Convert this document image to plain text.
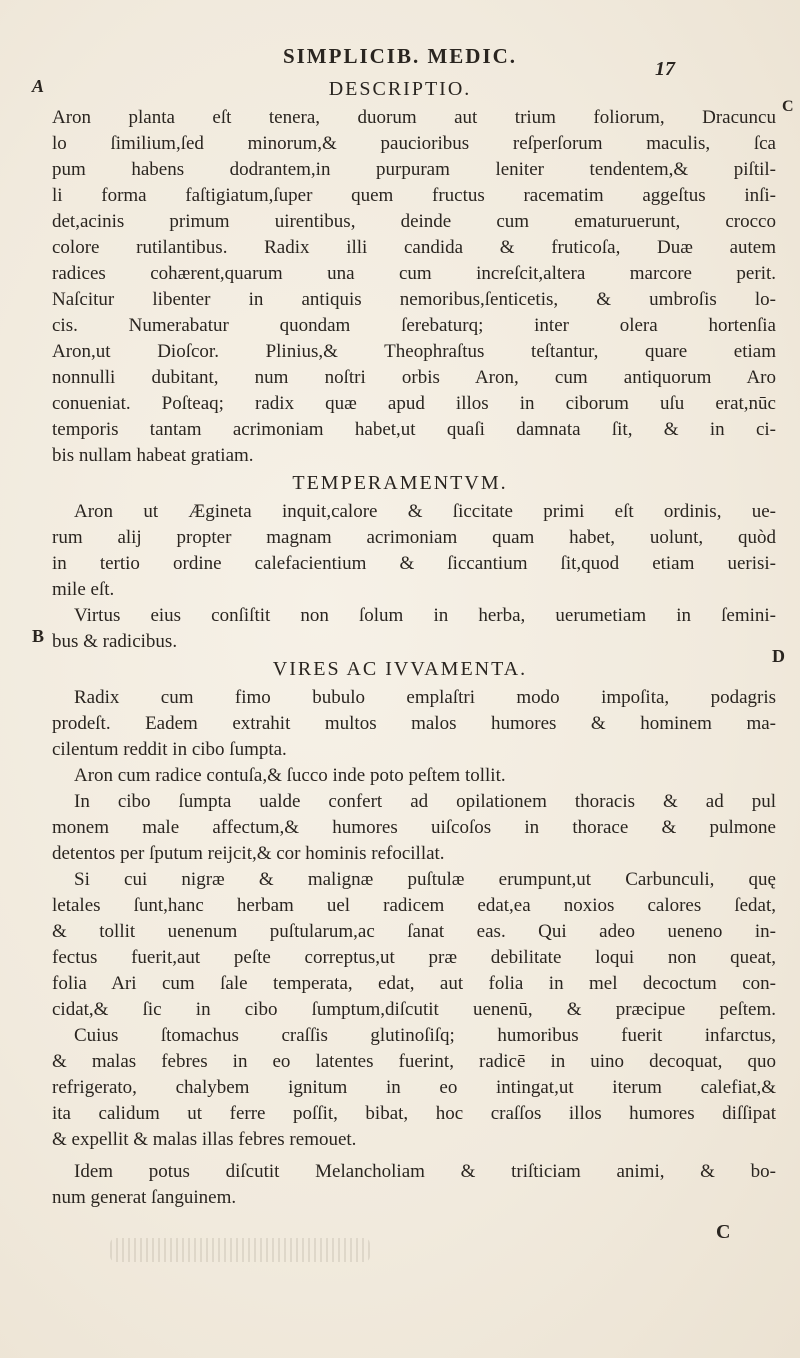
SIMPLICIB. MEDIC.
17
A
C
B
D
DESCRIPTIO.
Aron planta eſt tenera, duorum aut trium foliorum, Dracuncu
lo ſimilium,ſed minorum,& paucioribus reſperſorum maculis, ſca
pum habens dodrantem,in purpuram leniter tendentem,& piſtil-
li forma faſtigiatum,ſuper quem fructus racematim aggeſtus inſi-
det,acinis primum uirentibus, deinde cum ematuruerunt, crocco
colore rutilantibus. Radix illi candida & fruticoſa, Duæ autem
radices cohærent,quarum una cum increſcit,altera marcore perit.
Naſcitur libenter in antiquis nemoribus,ſenticetis, & umbroſis lo-
cis. Numerabatur quondam ſerebaturq; inter olera hortenſia
Aron,ut Dioſcor. Plinius,& Theophraſtus teſtantur, quare etiam
nonnulli dubitant, num noſtri orbis Aron, cum antiquorum Aro
conueniat. Poſteaq; radix quæ apud illos in ciborum uſu erat,nūc
temporis tantam acrimoniam habet,ut quaſi damnata ſit, & in ci-
bis nullam habeat gratiam.
TEMPERAMENTVM.
Aron ut Ægineta inquit,calore & ſiccitate primi eſt ordinis, ue-
rum alij propter magnam acrimoniam quam habet, uolunt, quòd
in tertio ordine calefacientium & ſiccantium ſit,quod etiam uerisi-
mile eſt.
Virtus eius conſiſtit non ſolum in herba, uerumetiam in ſemini-
bus & radicibus.
VIRES AC IVVAMENTA.
Radix cum fimo bubulo emplaſtri modo impoſita, podagris
prodeſt. Eadem extrahit multos malos humores & hominem ma-
cilentum reddit in cibo ſumpta.
Aron cum radice contuſa,& ſucco inde poto peſtem tollit.
In cibo ſumpta ualde confert ad opilationem thoracis & ad pul
monem male affectum,& humores uiſcoſos in thorace & pulmone
detentos per ſputum reijcit,& cor hominis refocillat.
Si cui nigræ & malignæ puſtulæ erumpunt,ut Carbunculi, quę
letales ſunt,hanc herbam uel radicem edat,ea noxios calores ſedat,
& tollit uenenum puſtularum,ac ſanat eas. Qui adeo ueneno in-
fectus fuerit,aut peſte correptus,ut præ debilitate loqui non queat,
folia Ari cum ſale temperata, edat, aut folia in mel decoctum con-
cidat,& ſic in cibo ſumptum,diſcutit uenenū, & præcipue peſtem.
Cuius ſtomachus craſſis glutinoſiſq; humoribus fuerit infarctus,
& malas febres in eo latentes fuerint, radicē in uino decoquat, quo
refrigerato, chalybem ignitum in eo intingat,ut iterum calefiat,&
ita calidum ut ferre poſſit, bibat, hoc craſſos illos humores diſſipat
& expellit & malas illas febres remouet.
Idem potus diſcutit Melancholiam & triſticiam animi, & bo-
num generat ſanguinem.
C
